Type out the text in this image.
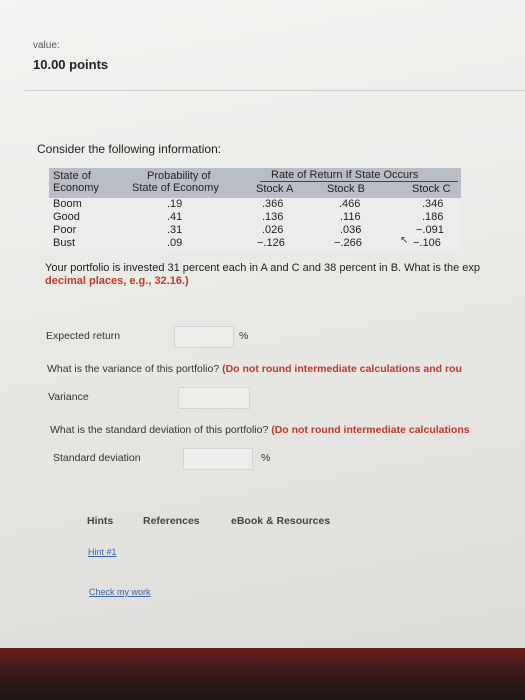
value:
10.00 points
Consider the following information:
State of
Economy
Probability of
State of Economy
Rate of Return If State Occurs
Stock A	Stock B	Stock C
Boom	.19	.366	.466	.346
Good	.41	.136	.116	.186
Poor	.31	.026	.036	−.091
Bust	.09	−.126	−.266	↖ −.106
Your portfolio is invested 31 percent each in A and C and 38 percent in B. What is the exp
decimal places, e.g., 32.16.)
Expected return	%
What is the variance of this portfolio? (Do not round intermediate calculations and rou
Variance
What is the standard deviation of this portfolio? (Do not round intermediate calculations
Standard deviation	%
Hints	References	eBook & Resources
Hint #1
Check my work
